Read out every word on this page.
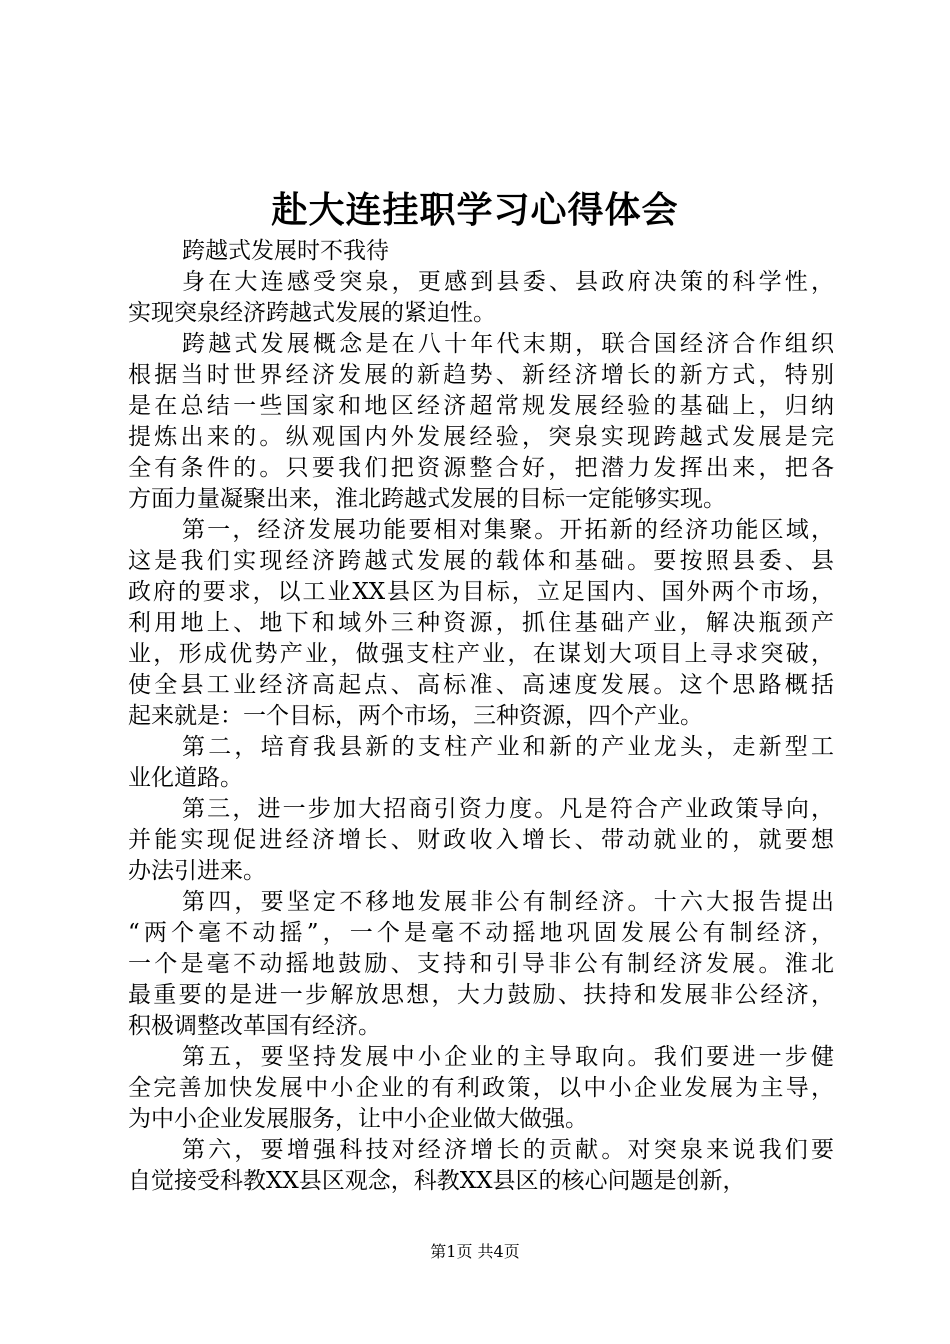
赴大连挂职学习心得体会
跨越式发展时不我待
身在大连感受突泉，更感到县委、县政府决策的科学性，
实现突泉经济跨越式发展的紧迫性。
跨越式发展概念是在八十年代末期，联合国经济合作组织
根据当时世界经济发展的新趋势、新经济增长的新方式，特别
是在总结一些国家和地区经济超常规发展经验的基础上，归纳
提炼出来的。纵观国内外发展经验，突泉实现跨越式发展是完
全有条件的。只要我们把资源整合好，把潜力发挥出来，把各
方面力量凝聚出来，淮北跨越式发展的目标一定能够实现。
第一，经济发展功能要相对集聚。开拓新的经济功能区域，
这是我们实现经济跨越式发展的载体和基础。要按照县委、县
政府的要求，以工业XX县区为目标，立足国内、国外两个市场，
利用地上、地下和域外三种资源，抓住基础产业，解决瓶颈产
业，形成优势产业，做强支柱产业，在谋划大项目上寻求突破，
使全县工业经济高起点、高标准、高速度发展。这个思路概括
起来就是：一个目标，两个市场，三种资源，四个产业。
第二，培育我县新的支柱产业和新的产业龙头，走新型工
业化道路。
第三，进一步加大招商引资力度。凡是符合产业政策导向，
并能实现促进经济增长、财政收入增长、带动就业的，就要想
办法引进来。
第四，要坚定不移地发展非公有制经济。十六大报告提出
“两个毫不动摇”，一个是毫不动摇地巩固发展公有制经济，
一个是毫不动摇地鼓励、支持和引导非公有制经济发展。淮北
最重要的是进一步解放思想，大力鼓励、扶持和发展非公经济，
积极调整改革国有经济。
第五，要坚持发展中小企业的主导取向。我们要进一步健
全完善加快发展中小企业的有利政策，以中小企业发展为主导，
为中小企业发展服务，让中小企业做大做强。
第六，要增强科技对经济增长的贡献。对突泉来说我们要
自觉接受科教XX县区观念，科教XX县区的核心问题是创新，
第1页 共4页
